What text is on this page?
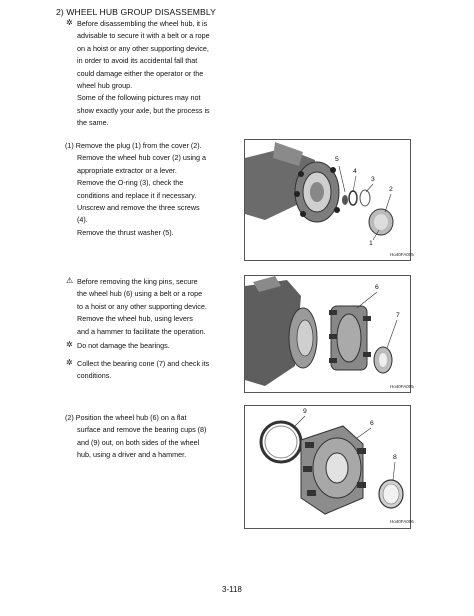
2) WHEEL HUB GROUP DISASSEMBLY
✲ Before disassembling the wheel hub, it is

advisable to secure it with a belt or a rope

on a hoist or any other supporting device,

in order to avoid its accidental fall that

could damage either the operator or the

wheel hub group.

Some of the following pictures may not

show exactly your axle, but the process is

the same.

(1) Remove the plug (1) from the cover (2).

Remove the wheel hub cover (2) using a

appropriate extractor or a lever.

Remove the O-ring (3), check the

conditions and replace it if necessary.

Unscrew and remove the three screws

(4).

Remove the thrust washer (5).

5
4
3
2
1
Ho40FA005
⚠ Before removing the king pins, secure

the wheel hub (6) using a belt or a rope

to a hoist or any other supporting device.

Remove the wheel hub, using levers

and a hammer to facilitate the operation.

✲ Do not damage the bearings.

✲ Collect the bearing cone (7) and check its

conditions.

6
7
Ho40FA005

(2) Position the wheel hub (6) on a flat

surface and remove the bearing cups (8)

and (9) out, on both sides of the wheel

hub, using a driver and a hammer.

9
6
8
Ho40FA006
3-118
